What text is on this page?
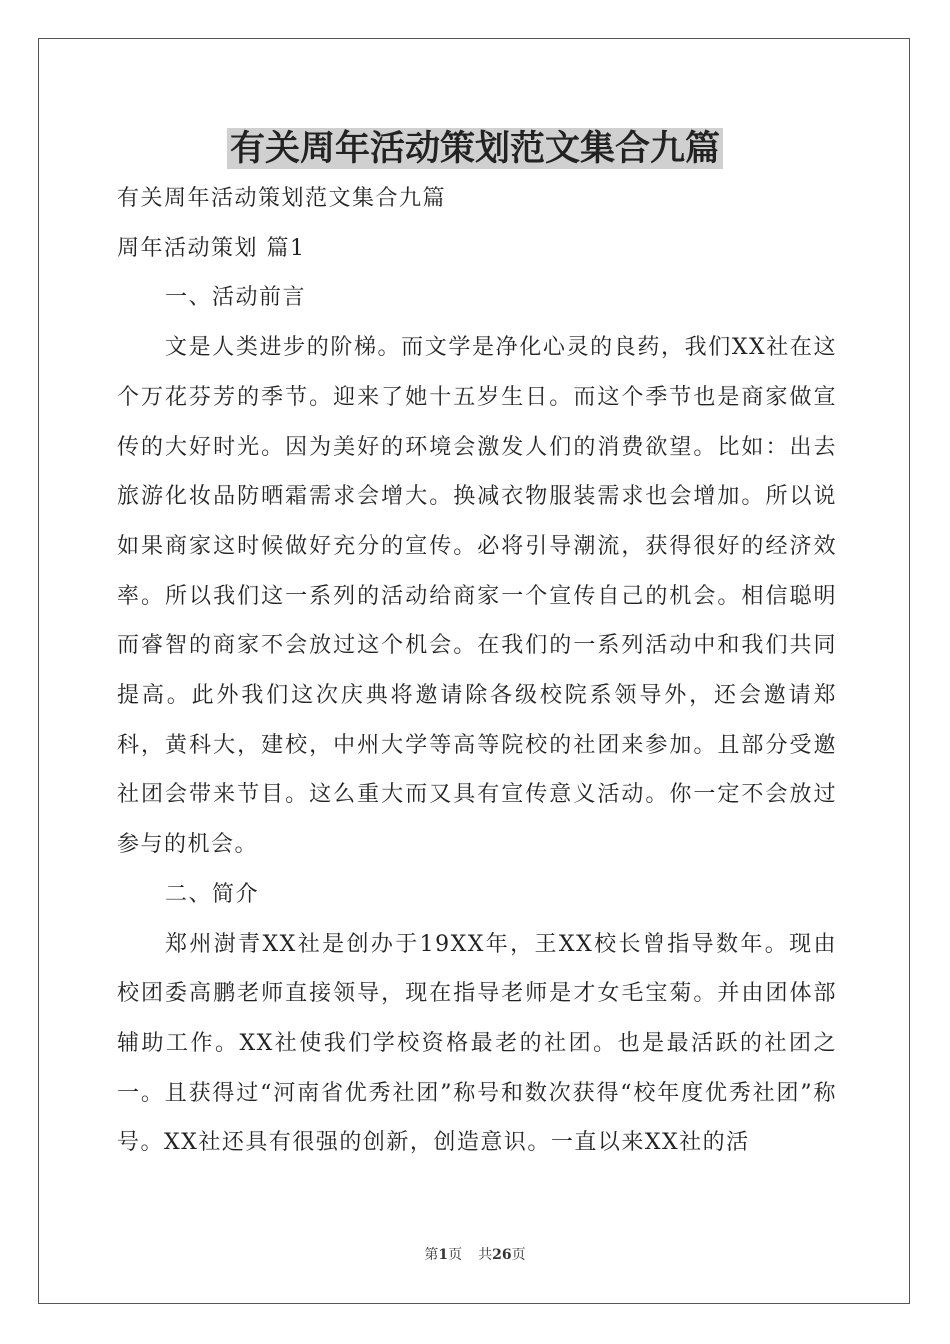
有关周年活动策划范文集合九篇

有关周年活动策划范文集合九篇

周年活动策划 篇1

一、活动前言

文是人类进步的阶梯。而文学是净化心灵的良药，我们XX社在这个万花芬芳的季节。迎来了她十五岁生日。而这个季节也是商家做宣传的大好时光。因为美好的环境会激发人们的消费欲望。比如：出去旅游化妆品防晒霜需求会增大。换减衣物服装需求也会增加。所以说如果商家这时候做好充分的宣传。必将引导潮流，获得很好的经济效率。所以我们这一系列的活动给商家一个宣传自己的机会。相信聪明而睿智的商家不会放过这个机会。在我们的一系列活动中和我们共同提高。此外我们这次庆典将邀请除各级校院系领导外，还会邀请郑科，黄科大，建校，中州大学等高等院校的社团来参加。且部分受邀社团会带来节目。这么重大而又具有宣传意义活动。你一定不会放过参与的机会。

二、简介

郑州澍青XX社是创办于19XX年，王XX校长曾指导数年。现由校团委高鹏老师直接领导，现在指导老师是才女毛宝菊。并由团体部辅助工作。XX社使我们学校资格最老的社团。也是最活跃的社团之一。且获得过“河南省优秀社团”称号和数次获得“校年度优秀社团”称号。XX社还具有很强的创新，创造意识。一直以来XX社的活

第1页 共26页
